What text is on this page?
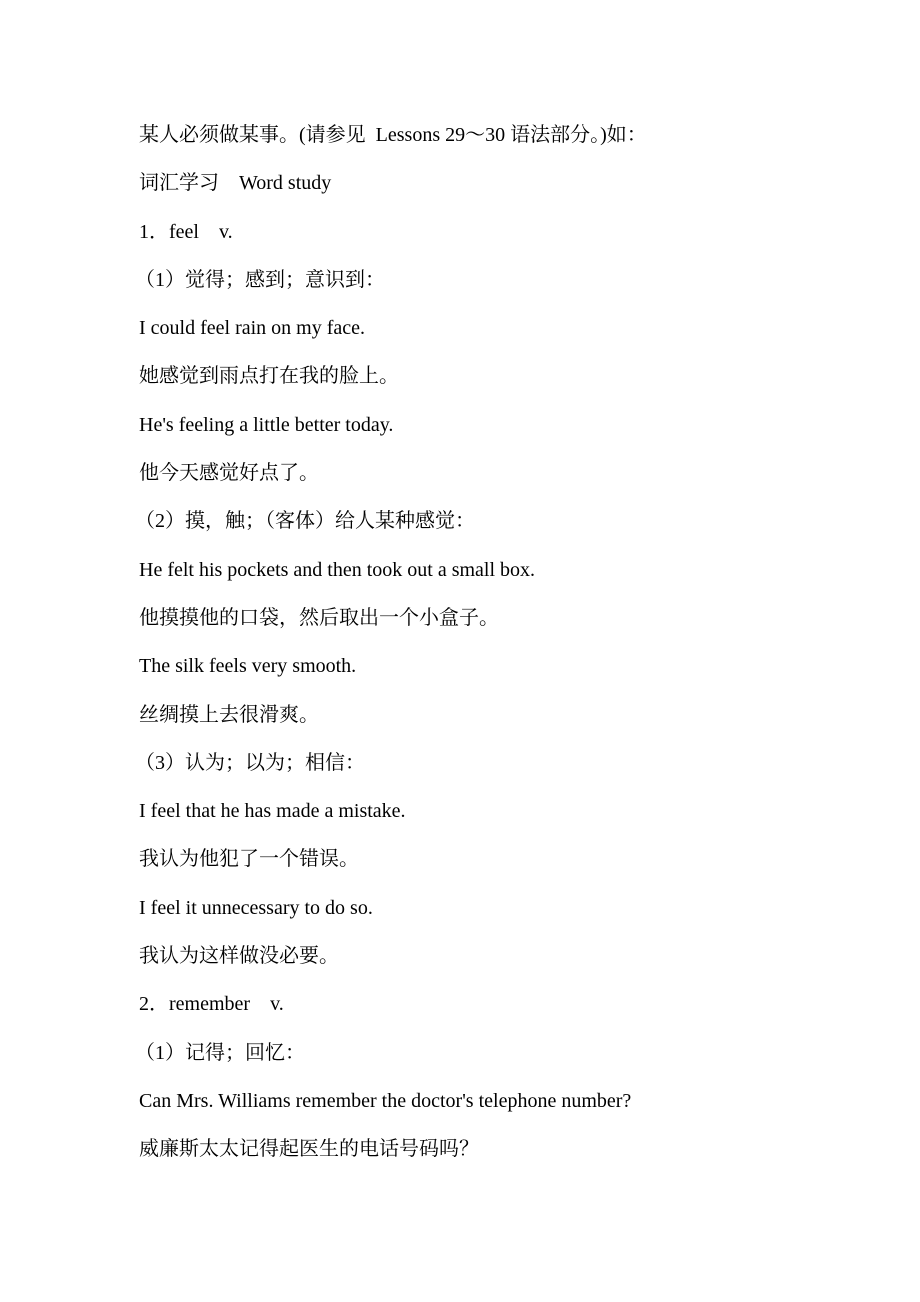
某人必须做某事。(请参见  Lessons 29～30 语法部分。)如：
词汇学习    Word study
1．feel    v.
（1）觉得；感到；意识到：
I could feel rain on my face.
她感觉到雨点打在我的脸上。
He's feeling a little better today.
他今天感觉好点了。
（2）摸，触；（客体）给人某种感觉：
He felt his pockets and then took out a small box.
他摸摸他的口袋，然后取出一个小盒子。
The silk feels very smooth.
丝绸摸上去很滑爽。
（3）认为；以为；相信：
I feel that he has made a mistake.
我认为他犯了一个错误。
I feel it unnecessary to do so.
我认为这样做没必要。
2．remember    v.
（1）记得；回忆：
Can Mrs. Williams remember the doctor's telephone number?
威廉斯太太记得起医生的电话号码吗？
